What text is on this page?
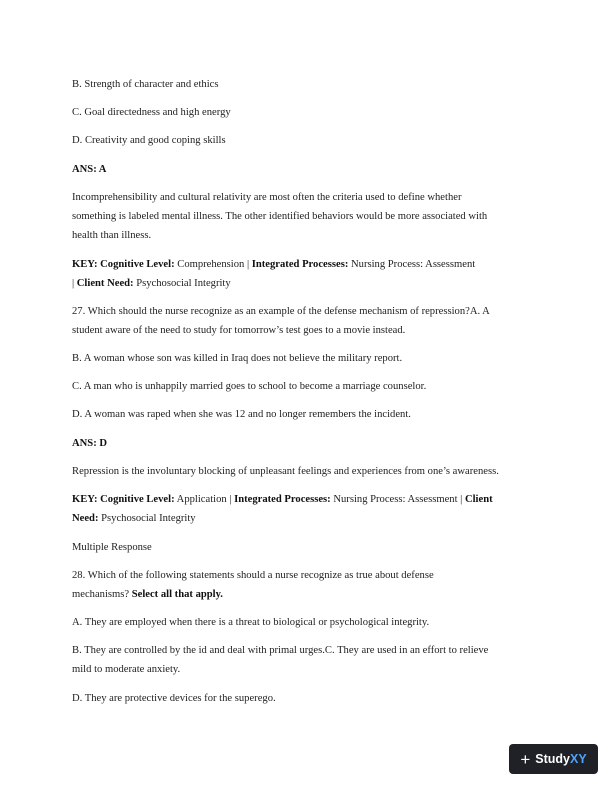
B. Strength of character and ethics

C. Goal directedness and high energy

D. Creativity and good coping skills

ANS: A

Incomprehensibility and cultural relativity are most often the criteria used to define whether

something is labeled mental illness. The other identified behaviors would be more associated with

health than illness.

KEY: Cognitive Level: Comprehension | Integrated Processes: Nursing Process: Assessment

| Client Need: Psychosocial Integrity

27. Which should the nurse recognize as an example of the defense mechanism of repression?A. A

student aware of the need to study for tomorrow’s test goes to a movie instead.

B. A woman whose son was killed in Iraq does not believe the military report.

C. A man who is unhappily married goes to school to become a marriage counselor.

D. A woman was raped when she was 12 and no longer remembers the incident.

ANS: D

Repression is the involuntary blocking of unpleasant feelings and experiences from one’s awareness.

KEY: Cognitive Level: Application | Integrated Processes: Nursing Process: Assessment | Client

Need: Psychosocial Integrity

Multiple Response

28. Which of the following statements should a nurse recognize as true about defense

mechanisms? Select all that apply.

A. They are employed when there is a threat to biological or psychological integrity.

B. They are controlled by the id and deal with primal urges.C. They are used in an effort to relieve

mild to moderate anxiety.

D. They are protective devices for the superego.

+ Study XY
